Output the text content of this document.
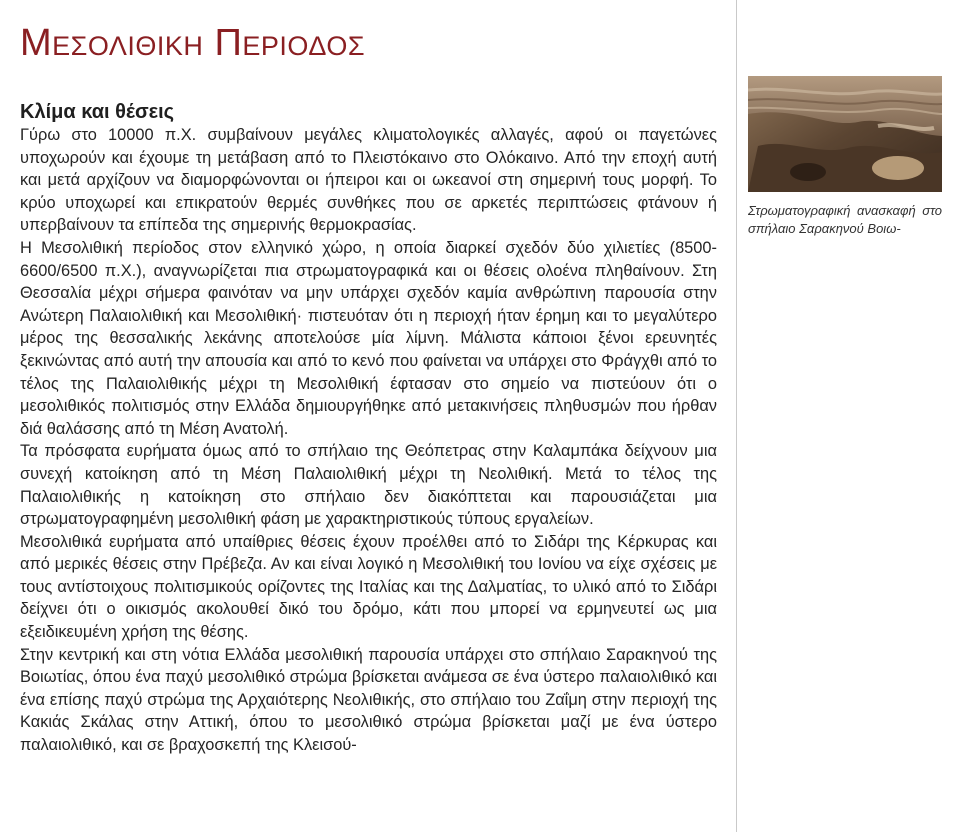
Μεσολιθικη Περιοδος
Κλίμα και θέσεις

Γύρω στο 10000 π.Χ. συμβαίνουν μεγάλες κλιματολογικές αλλαγές, αφού οι παγετώνες υποχωρούν και έχουμε τη μετάβαση από το Πλειστόκαινο στο Ολόκαινο. Από την εποχή αυτή και μετά αρχίζουν να διαμορφώνονται οι ήπειροι και οι ωκεανοί στη σημερινή τους μορφή. Το κρύο υποχωρεί και επικρατούν θερμές συνθήκες που σε αρκετές περιπτώσεις φτάνουν ή υπερβαίνουν τα επίπεδα της σημερινής θερμοκρασίας.

Η Μεσολιθική περίοδος στον ελληνικό χώρο, η οποία διαρκεί σχεδόν δύο χιλιετίες (8500-6600/6500 π.Χ.), αναγνωρίζεται πια στρωματογραφικά και οι θέσεις ολοένα πληθαίνουν. Στη Θεσσαλία μέχρι σήμερα φαινόταν να μην υπάρχει σχεδόν καμία ανθρώπινη παρουσία στην Ανώτερη Παλαιολιθική και Μεσολιθική· πιστευόταν ότι η περιοχή ήταν έρημη και το μεγαλύτερο μέρος της θεσσαλικής λεκάνης αποτελούσε μία λίμνη. Μάλιστα κάποιοι ξένοι ερευνητές ξεκινώντας από αυτή την απουσία και από το κενό που φαίνεται να υπάρχει στο Φράγχθι από το τέλος της Παλαιολιθικής μέχρι τη Μεσολιθική έφτασαν στο σημείο να πιστεύουν ότι ο μεσολιθικός πολιτισμός στην Ελλάδα δημιουργήθηκε από μετακινήσεις πληθυσμών που ήρθαν διά θαλάσσης από τη Μέση Ανατολή.

Τα πρόσφατα ευρήματα όμως από το σπήλαιο της Θεόπετρας στην Καλαμπάκα δείχνουν μια συνεχή κατοίκηση από τη Μέση Παλαιολιθική μέχρι τη Νεολιθική. Μετά το τέλος της Παλαιολιθικής η κατοίκηση στο σπήλαιο δεν διακόπτεται και παρουσιάζεται μια στρωματογραφημένη μεσολιθική φάση με χαρακτηριστικούς τύπους εργαλείων.

Μεσολιθικά ευρήματα από υπαίθριες θέσεις έχουν προέλθει από το Σιδάρι της Κέρκυρας και από μερικές θέσεις στην Πρέβεζα. Αν και είναι λογικό η Μεσολιθική του Ιονίου να είχε σχέσεις με τους αντίστοιχους πολιτισμικούς ορίζοντες της Ιταλίας και της Δαλματίας, το υλικό από το Σιδάρι δείχνει ότι ο οικισμός ακολουθεί δικό του δρόμο, κάτι που μπορεί να ερμηνευτεί ως μια εξειδικευμένη χρήση της θέσης.

Στην κεντρική και στη νότια Ελλάδα μεσολιθική παρουσία υπάρχει στο σπήλαιο Σαρακηνού της Βοιωτίας, όπου ένα παχύ μεσολιθικό στρώμα βρίσκεται ανάμεσα σε ένα ύστερο παλαιολιθικό και ένα επίσης παχύ στρώμα της Αρχαιότερης Νεολιθικής, στο σπήλαιο του Ζαΐμη στην περιοχή της Κακιάς Σκάλας στην Αττική, όπου το μεσολιθικό στρώμα βρίσκεται μαζί με ένα ύστερο παλαιολιθικό, και σε βραχοσκεπή της Κλεισού-

Στρωματογραφική ανασκαφή στο σπήλαιο Σαρακηνού Βοιω-
